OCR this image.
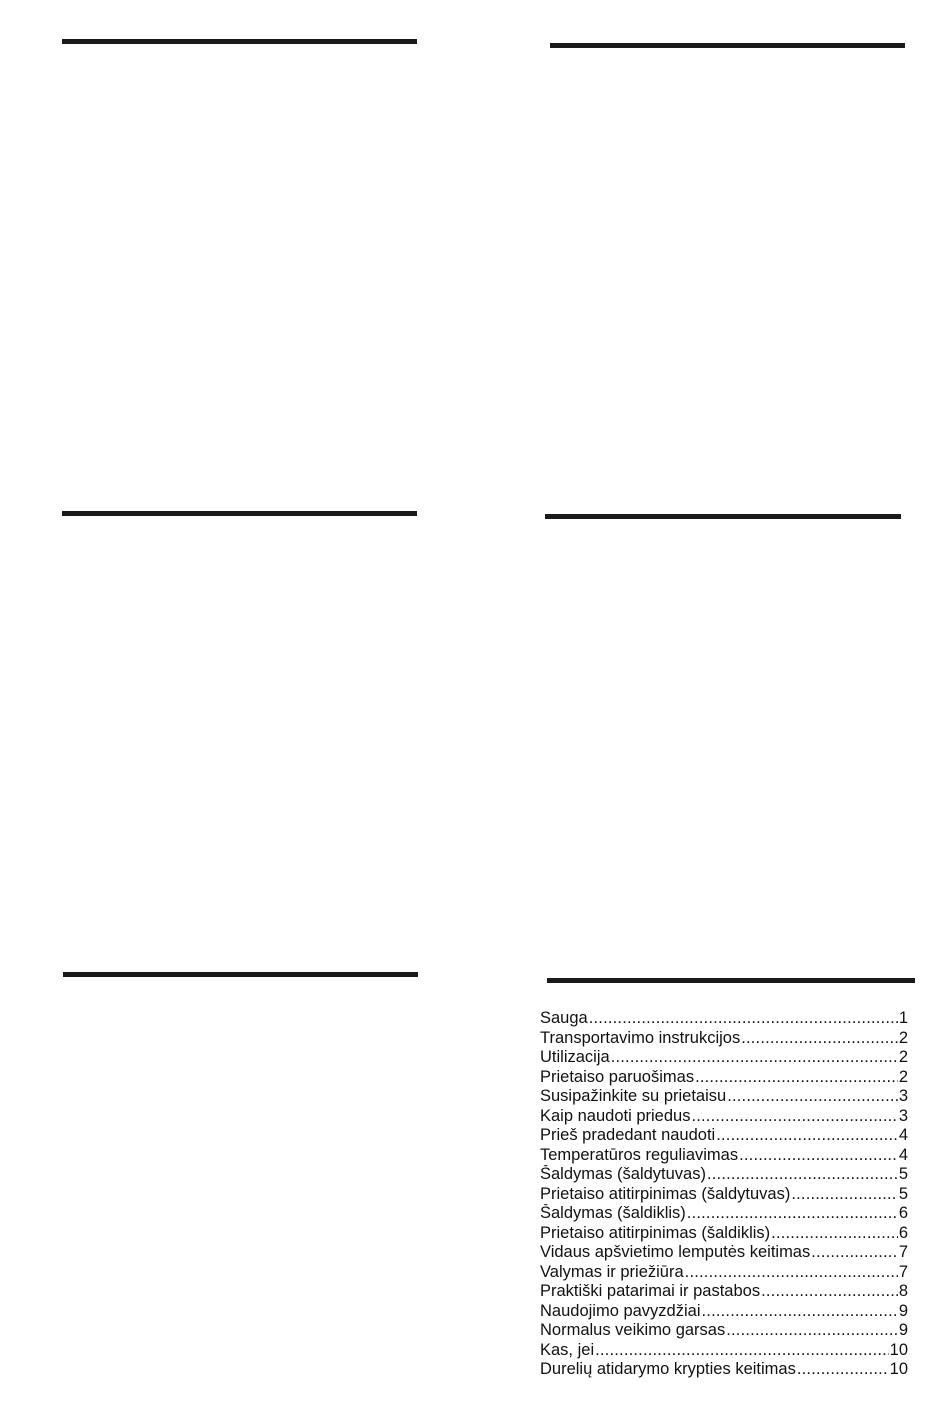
Sauga .....	1
Transportavimo instrukcijos .....	2
Utilizacija .....	2
Prietaiso paruošimas .....	2
Susipažinkite su prietaisu .....	3
Kaip naudoti priedus .....	3
Prieš pradedant naudoti .....	4
Temperatūros reguliavimas .....	4
Šaldymas (šaldytuvas) .....	5
Prietaiso atitirpinimas (šaldytuvas) .....	5
Šaldymas (šaldiklis) .....	6
Prietaiso atitirpinimas (šaldiklis) .....	6
Vidaus apšvietimo lemputės keitimas .....	7
Valymas ir priežiūra .....	7
Praktiški patarimai ir pastabos .....	8
Naudojimo pavyzdžiai .....	9
Normalus veikimo garsas .....	9
Kas, jei .....	10
Durelių atidarymo krypties keitimas .....	10
